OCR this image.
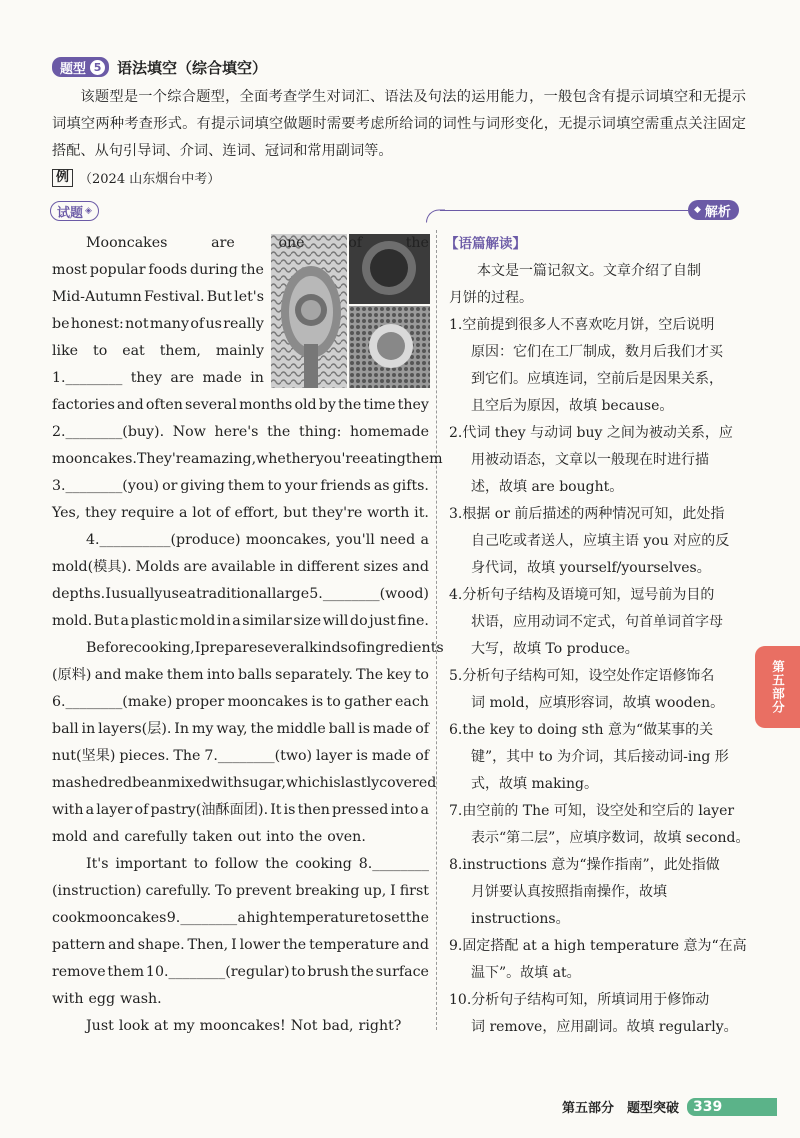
题型 5 语法填空（综合填空）
该题型是一个综合题型，全面考查学生对词汇、语法及句法的运用能力，一般包含有提示词填空和无提示词填空两种考查形式。有提示词填空做题时需要考虑所给词的词性与词形变化，无提示词填空需重点关注固定搭配、从句引导词、介词、连词、冠词和常用副词等。
例 （2024 山东烟台中考）
试题 ◈	◆ 解析
Mooncakes	are	one	of	the
most popular foods during the
Mid-Autumn Festival. But let's
be honest: not many of us really
like to eat them, mainly
1.________ they are made in
factories and often several months old by the time they
2.________(buy). Now here's the thing: homemade
mooncakes. They're amazing, whether you're eating them
3.________(you) or giving them to your friends as gifts.
Yes, they require a lot of effort, but they're worth it.
4.__________(produce) mooncakes, you'll need a
mold(模具). Molds are available in different sizes and
depths. I usually use a traditional large 5.________(wood)
mold. But a plastic mold in a similar size will do just fine.
Before cooking, I prepare several kinds of ingredients
(原料) and make them into balls separately. The key to
6.________(make) proper mooncakes is to gather each
ball in layers(层). In my way, the middle ball is made of
nut(坚果) pieces. The 7.________(two) layer is made of
mashed red bean mixed with sugar, which is lastly covered
with a layer of pastry(油酥面团). It is then pressed into a
mold and carefully taken out into the oven.
It's important to follow the cooking 8.________
(instruction) carefully. To prevent breaking up, I first
cook mooncakes 9.________ a high temperature to set the
pattern and shape. Then, I lower the temperature and
remove them 10.________(regular) to brush the surface
with egg wash.
Just look at my mooncakes! Not bad, right?
【语篇解读】
本文是一篇记叙文。文章介绍了自制
月饼的过程。
1.空前提到很多人不喜欢吃月饼，空后说明
原因：它们在工厂制成，数月后我们才买
到它们。应填连词，空前后是因果关系，
且空后为原因，故填 because。
2.代词 they 与动词 buy 之间为被动关系，应
用被动语态，文章以一般现在时进行描
述，故填 are bought。
3.根据 or 前后描述的两种情况可知，此处指
自己吃或者送人，应填主语 you 对应的反
身代词，故填 yourself/yourselves。
4.分析句子结构及语境可知，逗号前为目的
状语，应用动词不定式，句首单词首字母
大写，故填 To produce。
5.分析句子结构可知，设空处作定语修饰名
词 mold，应填形容词，故填 wooden。
6.the key to doing sth 意为“做某事的关
键”，其中 to 为介词，其后接动词-ing 形
式，故填 making。
7.由空前的 The 可知，设空处和空后的 layer
表示“第二层”，应填序数词，故填 second。
8.instructions 意为“操作指南”，此处指做
月饼要认真按照指南操作，故填
instructions。
9.固定搭配 at a high temperature 意为“在高
温下”。故填 at。
10.分析句子结构可知，所填词用于修饰动
词 remove，应用副词。故填 regularly。
第五部分
第五部分　题型突破	339
